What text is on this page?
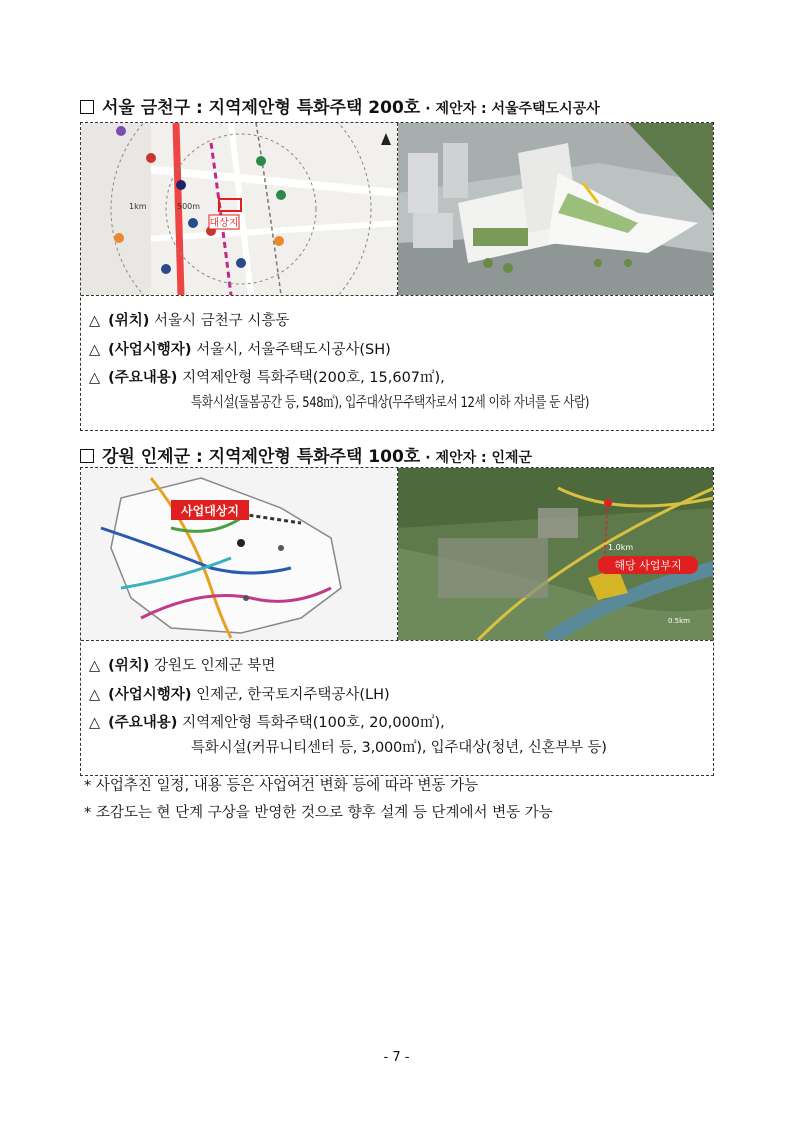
서울 금천구 : 지역제안형 특화주택 200호 · 제안자 : 서울주택도시공사
대상지
500m
1km
△ (위치) 서울시 금천구 시흥동
△ (사업시행자) 서울시, 서울주택도시공사(SH)
△ (주요내용) 지역제안형 특화주택(200호, 15,607㎡),
특화시설(돌봄공간 등, 548㎡), 입주대상(무주택자로서 12세 이하 자녀를 둔 사람)
강원 인제군 : 지역제안형 특화주택 100호 · 제안자 : 인제군
사업대상지
해당 사업부지
1.0km
0.5km
△ (위치) 강원도 인제군 북면
△ (사업시행자) 인제군, 한국토지주택공사(LH)
△ (주요내용) 지역제안형 특화주택(100호, 20,000㎡),
특화시설(커뮤니티센터 등, 3,000㎡), 입주대상(청년, 신혼부부 등)
* 사업추진 일정, 내용 등은 사업여건 변화 등에 따라 변동 가능
* 조감도는 현 단계 구상을 반영한 것으로 향후 설계 등 단계에서 변동 가능
- 7 -
